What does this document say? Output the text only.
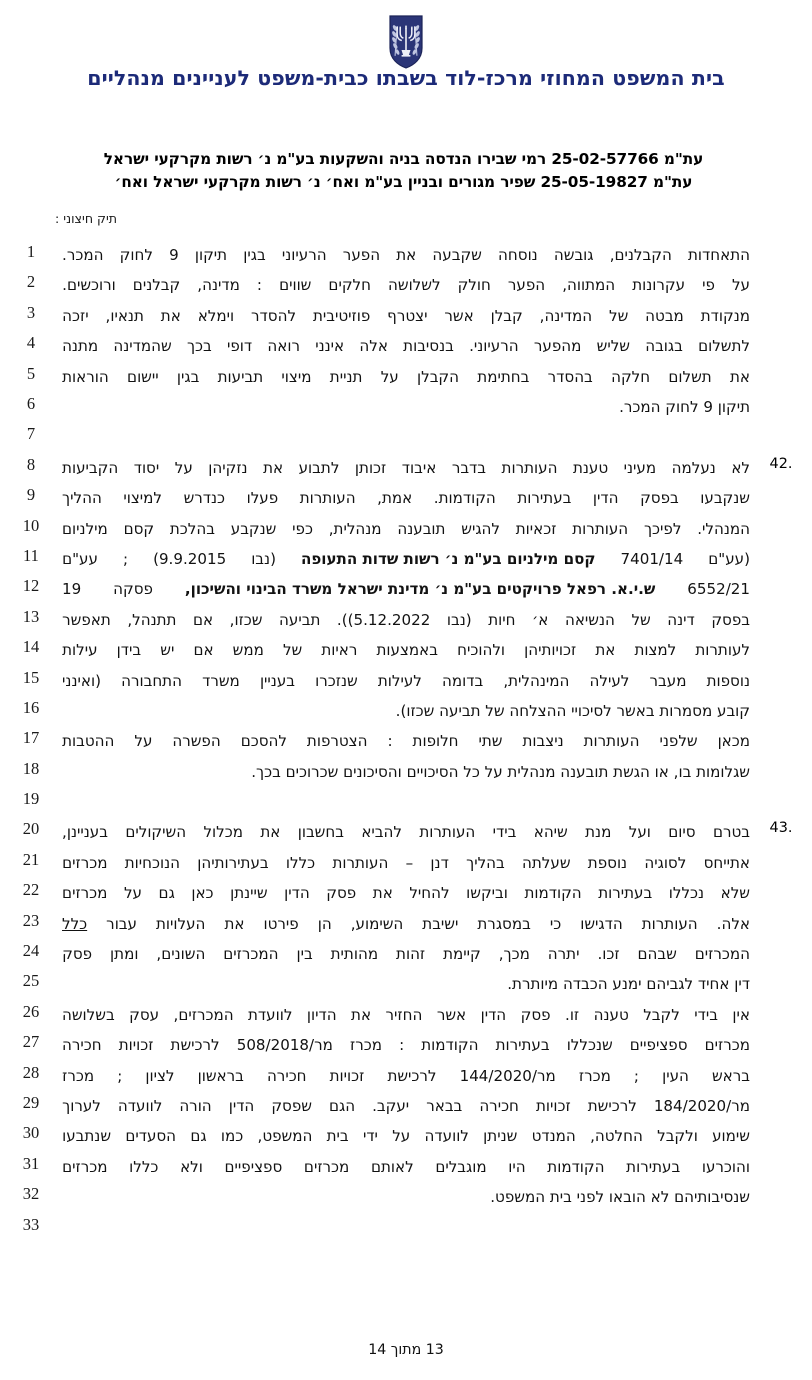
בית המשפט המחוזי מרכז-לוד בשבתו כבית-משפט לעניינים מנהליים
עת"מ 25-02-57766 רמי שבירו הנדסה בניה והשקעות בע"מ נ׳ רשות מקרקעי ישראל
עת"מ 25-05-19827 שפיר מגורים ובניין בע"מ ואח׳ נ׳ רשות מקרקעי ישראל ואח׳
תיק חיצוני :
התאחדות
הקבלנים,
גובשה
נוסחה
שקבעה
את
הפער
הרעיוני
בגין
תיקון
9
לחוק
המכר.
1
על
פי
עקרונות
המתווה,
הפער
חולק
לשלושה
חלקים
שווים
:
מדינה,
קבלנים
ורוכשים.
2
מנקודת
מבטה
של
המדינה,
קבלן
אשר
יצטרף
פוזיטיבית
להסדר
וימלא
את
תנאיו,
יזכה
3
לתשלום
בגובה
שליש
מהפער
הרעיוני.
בנסיבות
אלה
אינני
רואה
דופי
בכך
שהמדינה
מתנה
4
את
תשלום
חלקה
בהסדר
בחתימת
הקבלן
על
תניית
מיצוי
תביעות
בגין
יישום
הוראות
5
תיקון 9 לחוק המכר.
6
7
42.
לא
נעלמה
מעיני
טענת
העותרות
בדבר
איבוד
זכותן
לתבוע
את
נזקיהן
על
יסוד
הקביעות
8
שנקבעו
בפסק
הדין
בעתירות
הקודמות.
אמת,
העותרות
פעלו
כנדרש
למיצוי
ההליך
9
המנהלי.
לפיכך
העותרות
זכאיות
להגיש
תובענה
מנהלית,
כפי
שנקבע
בהלכת
קסם
מילניום
10
(עע"ם
7401/14
קסם מילניום בע"מ נ׳ רשות שדות התעופה
(נבו
9.9.2015)
;
עע"ם
11
6552/21
ש.י.א. רפאל פרויקטים בע"מ נ׳ מדינת ישראל משרד הבינוי והשיכון,
פסקה
19
12
בפסק
דינה
של
הנשיאה
א׳
חיות
(נבו
5.12.2022)).
תביעה
שכזו,
אם
תתנהל,
תאפשר
13
לעותרות
למצות
את
זכויותיהן
ולהוכיח
באמצעות
ראיות
של
ממש
אם
יש
בידן
עילות
14
נוספות
מעבר
לעילה
המינהלית,
בדומה
לעילות
שנזכרו
בעניין
משרד
התחבורה
(ואינני
15
קובע מסמרות באשר לסיכויי ההצלחה של תביעה שכזו).
16
מכאן
שלפני
העותרות
ניצבות
שתי
חלופות
:
הצטרפות
להסכם
הפשרה
על
ההטבות
17
שגלומות בו, או הגשת תובענה מנהלית על כל הסיכויים והסיכונים שכרוכים בכך.
18
19
43.
בטרם
סיום
ועל
מנת
שיהא
בידי
העותרות
להביא
בחשבון
את
מכלול
השיקולים
בעניינן,
20
אתייחס
לסוגיה
נוספת
שעלתה
בהליך
דנן
–
העותרות
כללו
בעתירותיהן
הנוכחיות
מכרזים
21
שלא
נכללו
בעתירות
הקודמות
וביקשו
להחיל
את
פסק
הדין
שיינתן
כאן
גם
על
מכרזים
22
אלה.
העותרות
הדגישו
כי
במסגרת
ישיבת
השימוע,
הן
פירטו
את
העלויות
עבור
כלל
23
המכרזים
שבהם
זכו.
יתרה
מכך,
קיימת
זהות
מהותית
בין
המכרזים
השונים,
ומתן
פסק
24
דין אחיד לגביהם ימנע הכבדה מיותרת.
25
אין
בידי
לקבל
טענה
זו.
פסק
הדין
אשר
החזיר
את
הדיון
לוועדת
המכרזים,
עסק
בשלושה
26
מכרזים
ספציפיים
שנכללו
בעתירות
הקודמות
:
מכרז
מר/508/2018
לרכישת
זכויות
חכירה
27
בראש
העין
;
מכרז
מר/144/2020
לרכישת
זכויות
חכירה
בראשון
לציון
;
מכרז
28
מר/184/2020
לרכישת
זכויות
חכירה
בבאר
יעקב.
הגם
שפסק
הדין
הורה
לוועדה
לערוך
29
שימוע
ולקבל
החלטה,
המנדט
שניתן
לוועדה
על
ידי
בית
המשפט,
כמו
גם
הסעדים
שנתבעו
30
והוכרעו
בעתירות
הקודמות
היו
מוגבלים
לאותם
מכרזים
ספציפיים
ולא
כללו
מכרזים
31
שנסיבותיהם לא הובאו לפני בית המשפט.
32
33
13 מתוך 14
